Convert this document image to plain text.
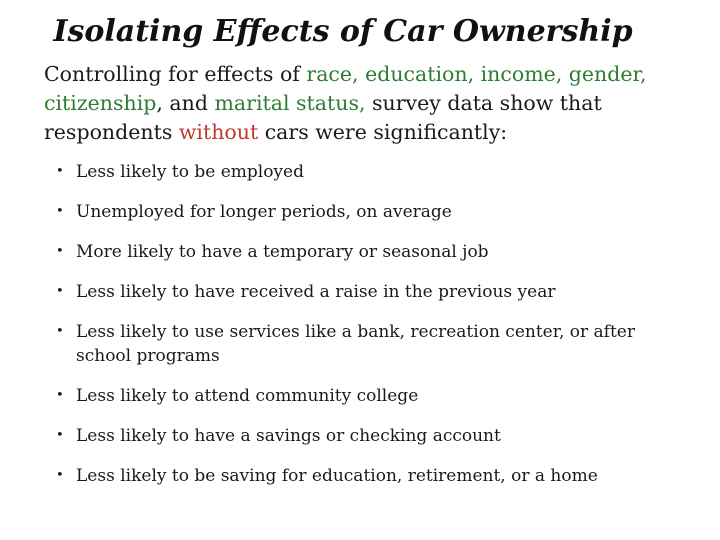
Isolating Effects of Car Ownership
Controlling for effects of race, education, income, gender, citizenship, and marital status, survey data show that respondents without cars were significantly:
• Less likely to be employed
• Unemployed for longer periods, on average
• More likely to have a temporary or seasonal job
• Less likely to have received a raise in the previous year
• Less likely to use services like a bank, recreation center, or after school programs
• Less likely to attend community college
• Less likely to have a savings or checking account
• Less likely to be saving for education, retirement, or a home
